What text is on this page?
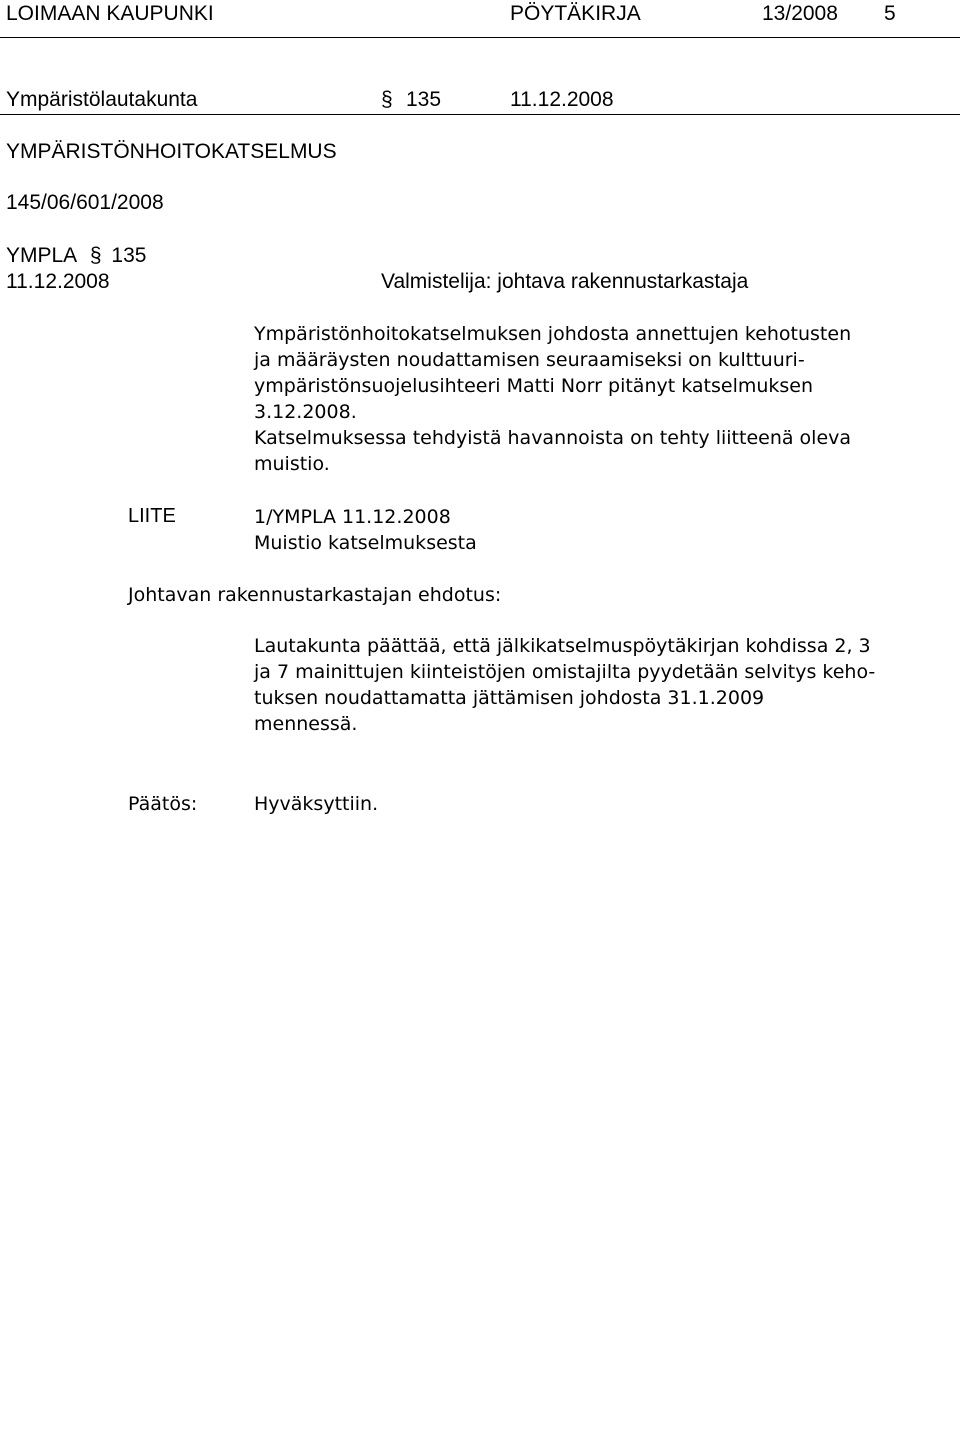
LOIMAAN KAUPUNKI	PÖYTÄKIRJA	13/2008 5
Ympäristölautakunta	§ 135	11.12.2008
YMPÄRISTÖNHOITOKATSELMUS
145/06/601/2008
YMPLA § 135
11.12.2008	Valmistelija: johtava rakennustarkastaja
Ympäristönhoitokatselmuksen johdosta annettujen kehotusten
ja määräysten noudattamisen seuraamiseksi on kulttuuri-
ympäristönsuojelusihteeri Matti Norr pitänyt katselmuksen
3.12.2008.
Katselmuksessa tehdyistä havannoista on tehty liitteenä oleva
muistio.
LIITE	1/YMPLA 11.12.2008
Muistio katselmuksesta
Johtavan rakennustarkastajan ehdotus:
Lautakunta päättää, että jälkikatselmuspöytäkirjan kohdissa 2, 3
ja 7 mainittujen kiinteistöjen omistajilta pyydetään selvitys keho-
tuksen noudattamatta jättämisen johdosta 31.1.2009
mennessä.
Päätös:	Hyväksyttiin.
